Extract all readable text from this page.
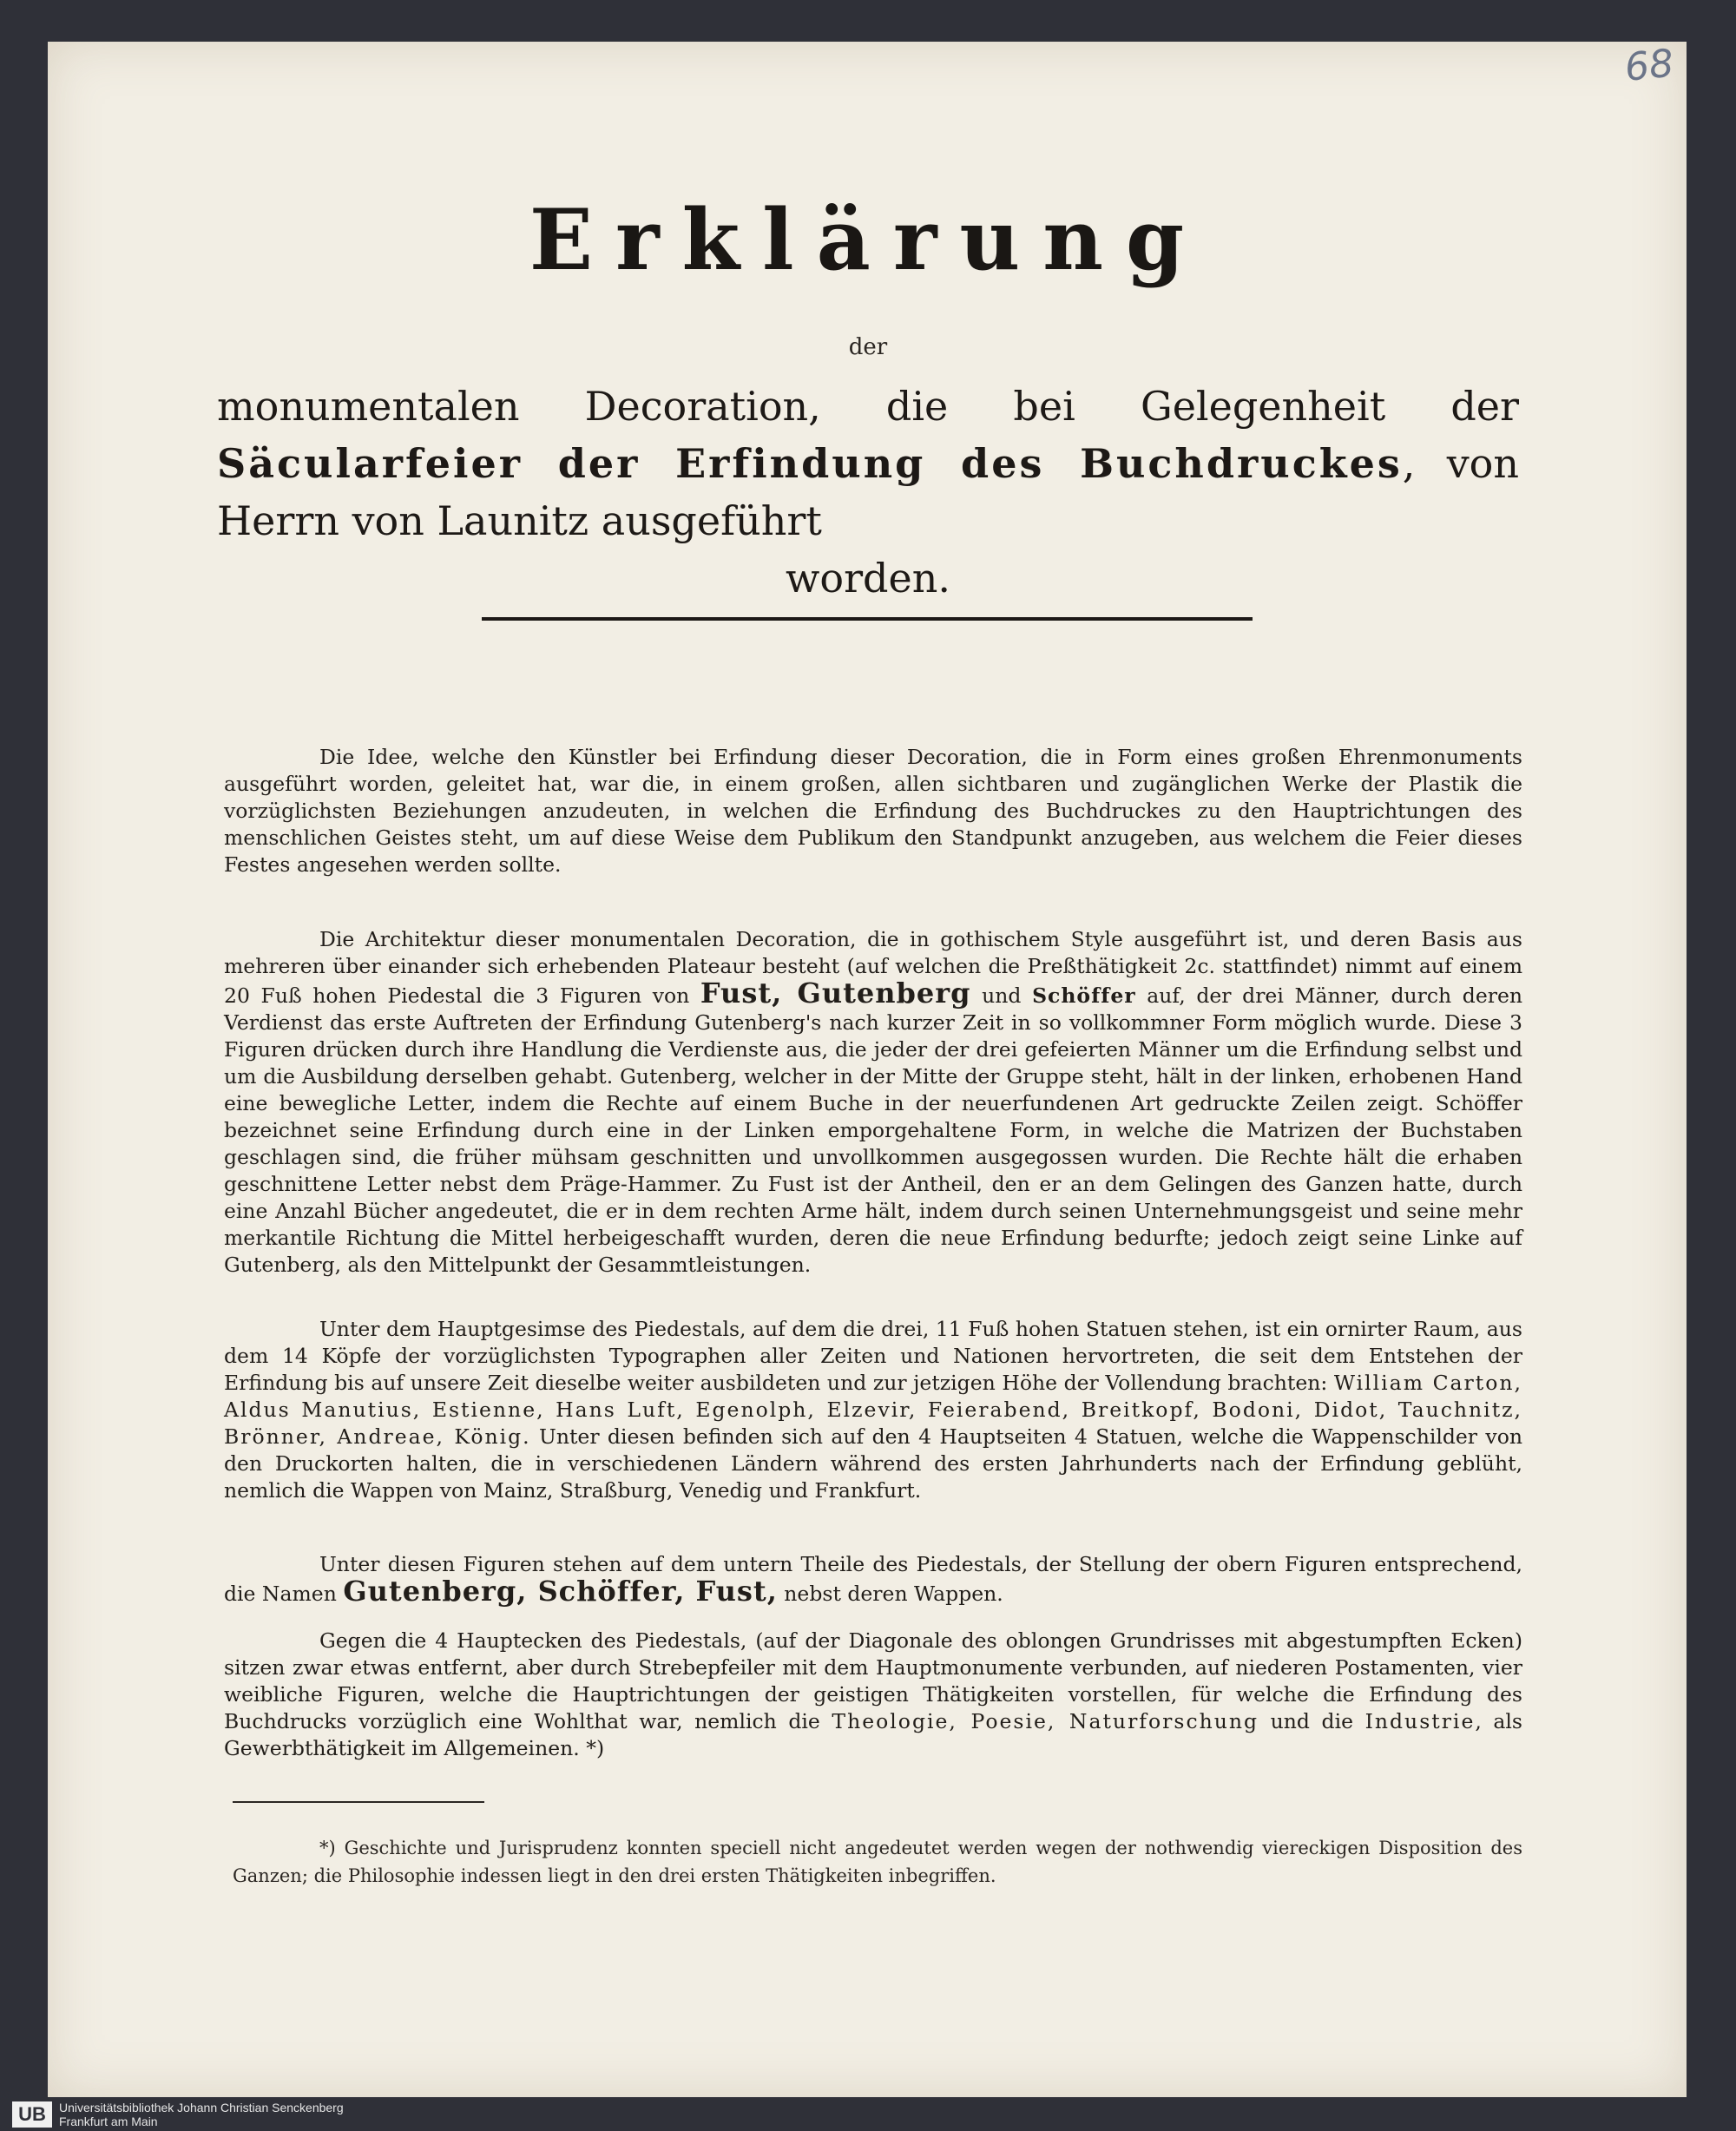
68
Erklärung
der
monumentalen Decoration, die bei Gelegenheit der Säcularfeier der Erfindung des Buchdruckes, von Herrn von Launitz ausgeführt
worden.

Die Idee, welche den Künstler bei Erfindung dieser Decoration, die in Form eines großen Ehrenmonuments ausgeführt worden, geleitet hat, war die, in einem großen, allen sichtbaren und zugänglichen Werke der Plastik die vorzüglichsten Beziehungen anzudeuten, in welchen die Erfindung des Buchdruckes zu den Hauptrichtungen des menschlichen Geistes steht, um auf diese Weise dem Publikum den Standpunkt anzugeben, aus welchem die Feier dieses Festes angesehen werden sollte.

Die Architektur dieser monumentalen Decoration, die in gothischem Style ausgeführt ist, und deren Basis aus mehreren über einander sich erhebenden Plateaur besteht (auf welchen die Preßthätigkeit 2c. stattfindet) nimmt auf einem 20 Fuß hohen Piedestal die 3 Figuren von Fust, Gutenberg und Schöffer auf, der drei Männer, durch deren Verdienst das erste Auftreten der Erfindung Gutenberg's nach kurzer Zeit in so vollkommner Form möglich wurde. Diese 3 Figuren drücken durch ihre Handlung die Verdienste aus, die jeder der drei gefeierten Männer um die Erfindung selbst und um die Ausbildung derselben gehabt. Gutenberg, welcher in der Mitte der Gruppe steht, hält in der linken, erhobenen Hand eine bewegliche Letter, indem die Rechte auf einem Buche in der neuerfundenen Art gedruckte Zeilen zeigt. Schöffer bezeichnet seine Erfindung durch eine in der Linken emporgehaltene Form, in welche die Matrizen der Buchstaben geschlagen sind, die früher mühsam geschnitten und unvollkommen ausgegossen wurden. Die Rechte hält die erhaben geschnittene Letter nebst dem Präge-Hammer. Zu Fust ist der Antheil, den er an dem Gelingen des Ganzen hatte, durch eine Anzahl Bücher angedeutet, die er in dem rechten Arme hält, indem durch seinen Unternehmungsgeist und seine mehr merkantile Richtung die Mittel herbeigeschafft wurden, deren die neue Erfindung bedurfte; jedoch zeigt seine Linke auf Gutenberg, als den Mittelpunkt der Gesammtleistungen.

Unter dem Hauptgesimse des Piedestals, auf dem die drei, 11 Fuß hohen Statuen stehen, ist ein ornirter Raum, aus dem 14 Köpfe der vorzüglichsten Typographen aller Zeiten und Nationen hervortreten, die seit dem Entstehen der Erfindung bis auf unsere Zeit dieselbe weiter ausbildeten und zur jetzigen Höhe der Vollendung brachten: William Carton, Aldus Manutius, Estienne, Hans Luft, Egenolph, Elzevir, Feierabend, Breitkopf, Bodoni, Didot, Tauchnitz, Brönner, Andreae, König. Unter diesen befinden sich auf den 4 Hauptseiten 4 Statuen, welche die Wappenschilder von den Druckorten halten, die in verschiedenen Ländern während des ersten Jahrhunderts nach der Erfindung geblüht, nemlich die Wappen von Mainz, Straßburg, Venedig und Frankfurt.

Unter diesen Figuren stehen auf dem untern Theile des Piedestals, der Stellung der obern Figuren entsprechend, die Namen Gutenberg, Schöffer, Fust, nebst deren Wappen.

Gegen die 4 Hauptecken des Piedestals, (auf der Diagonale des oblongen Grundrisses mit abgestumpften Ecken) sitzen zwar etwas entfernt, aber durch Strebepfeiler mit dem Hauptmonumente verbunden, auf niederen Postamenten, vier weibliche Figuren, welche die Hauptrichtungen der geistigen Thätigkeiten vorstellen, für welche die Erfindung des Buchdrucks vorzüglich eine Wohlthat war, nemlich die Theologie, Poesie, Naturforschung und die Industrie, als Gewerbthätigkeit im Allgemeinen. *)

*) Geschichte und Jurisprudenz konnten speciell nicht angedeutet werden wegen der nothwendig viereckigen Disposition des Ganzen; die Philosophie indessen liegt in den drei ersten Thätigkeiten inbegriffen.

UB	Universitätsbibliothek Johann Christian Senckenberg
Frankfurt am Main
